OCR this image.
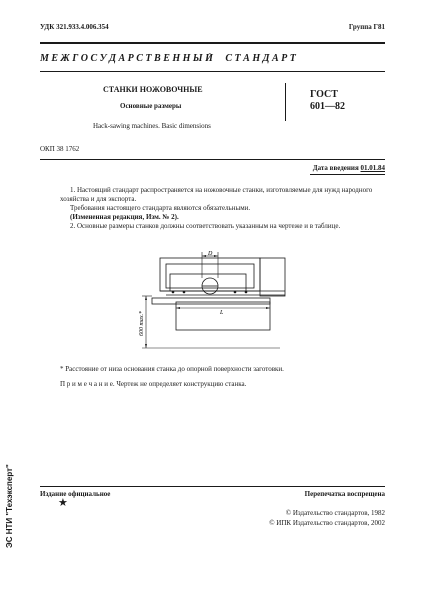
УДК 321.933.4.006.354	Группа Г81
М Е Ж Г О С У Д А Р С Т В Е Н Н Ы Й     С Т А Н Д А Р Т
СТАНКИ НОЖОВОЧНЫЕ
Основные размеры
Hack-sawing machines. Basic dimensions
ГОСТ
601—82
ОКП 38 1762
Дата введения 01.01.84
1. Настоящий стандарт распространяется на ножовочные станки, изготовляемые для нужд народного хозяйства и для экспорта.
Требования настоящего стандарта являются обязательными.
(Измененная редакция, Изм. № 2).
2. Основные размеры станков должны соответствовать указанным на чертеже и в таблице.
D
L
600 max.*
* Расстояние от низа основания станка до опорной поверхности заготовки.
П р и м е ч а н и е. Чертеж не определяет конструкцию станка.
Издание официальное	Перепечатка воспрещена
★
© Издательство стандартов, 1982
© ИПК Издательство стандартов, 2002
ЭС НТИ "Техэксперт"
